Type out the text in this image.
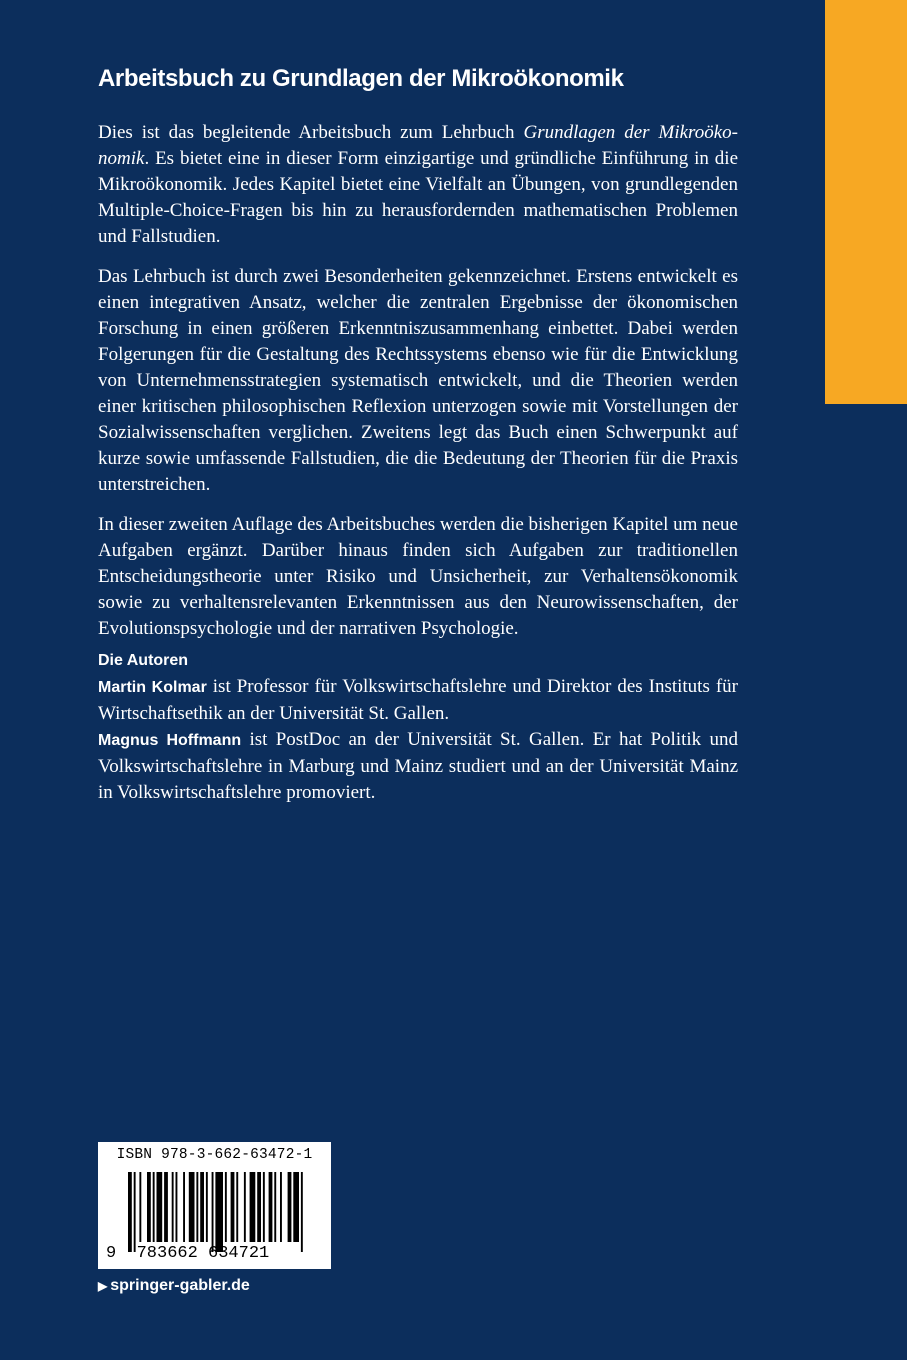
Arbeitsbuch zu Grundlagen der Mikroökonomik

Dies ist das begleitende Arbeitsbuch zum Lehrbuch Grundlagen der Mikroökonomik. Es bietet eine in dieser Form einzigartige und gründliche Einführung in die Mikroökonomik. Jedes Kapitel bietet eine Vielfalt an Übungen, von grundlegenden Multiple-Choice-Fragen bis hin zu herausfordernden mathematischen Problemen und Fallstudien.

Das Lehrbuch ist durch zwei Besonderheiten gekennzeichnet. Erstens entwickelt es einen integrativen Ansatz, welcher die zentralen Ergebnisse der ökonomischen Forschung in einen größeren Erkenntniszusammenhang einbettet. Dabei werden Folgerungen für die Gestaltung des Rechtssystems ebenso wie für die Entwicklung von Unternehmensstrategien systematisch entwickelt, und die Theorien werden einer kritischen philosophischen Reflexion unterzogen sowie mit Vorstellungen der Sozialwissenschaften verglichen. Zweitens legt das Buch einen Schwerpunkt auf kurze sowie umfassende Fallstudien, die die Bedeutung der Theorien für die Praxis unterstreichen.

In dieser zweiten Auflage des Arbeitsbuches werden die bisherigen Kapitel um neue Aufgaben ergänzt. Darüber hinaus finden sich Aufgaben zur traditionellen Entscheidungstheorie unter Risiko und Unsicherheit, zur Verhaltensökonomik sowie zu verhaltensrelevanten Erkenntnissen aus den Neurowissenschaften, der Evolutionspsychologie und der narrativen Psychologie.

Die Autoren

Martin Kolmar ist Professor für Volkswirtschaftslehre und Direktor des Instituts für Wirtschaftsethik an der Universität St. Gallen.

Magnus Hoffmann ist PostDoc an der Universität St. Gallen. Er hat Politik und Volkswirtschaftslehre in Marburg und Mainz studiert und an der Universität Mainz in Volkswirtschaftslehre promoviert.

ISBN 978-3-662-63472-1
9 783662 634721
▶ springer-gabler.de
